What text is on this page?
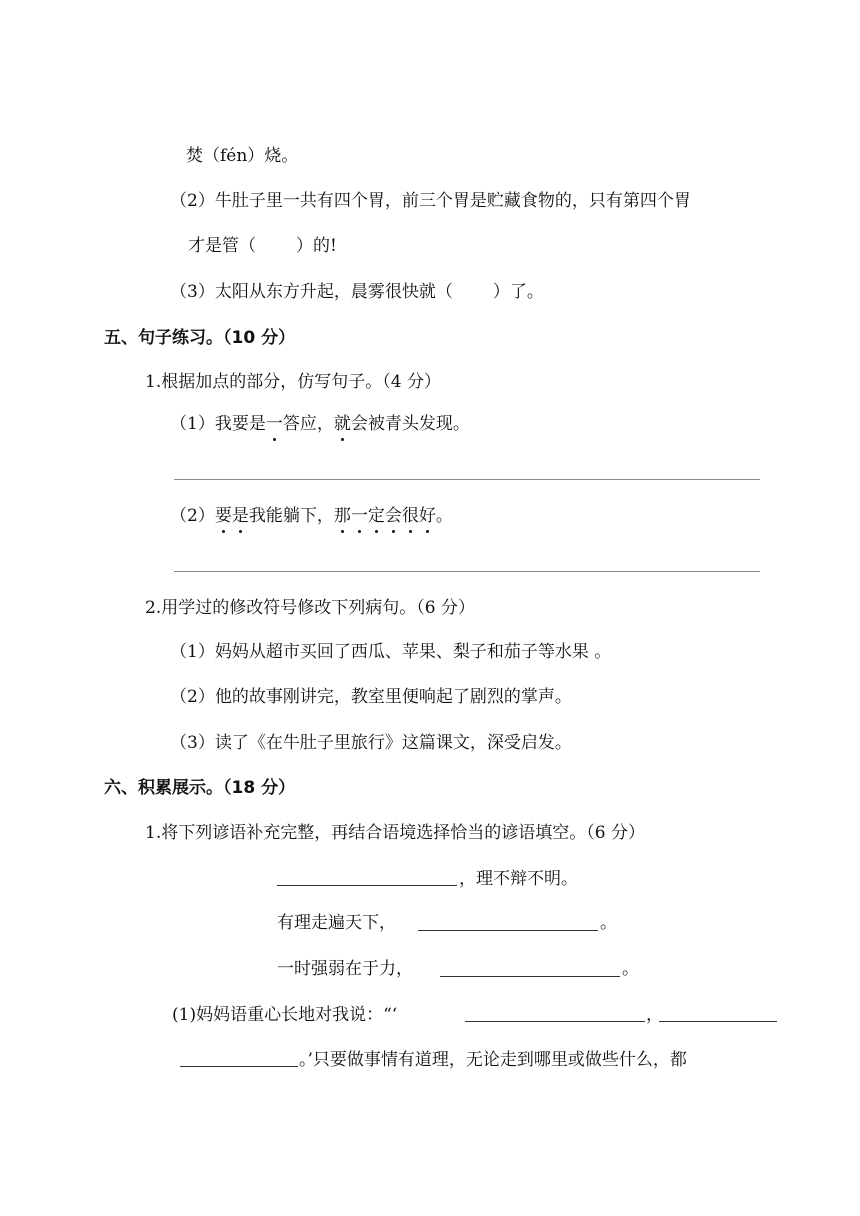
焚（fén）烧。
（2）牛肚子里一共有四个胃，前三个胃是贮藏食物的，只有第四个胃
才是管（ ）的!
（3）太阳从东方升起，晨雾很快就（ ）了。
五、句子练习。（10 分）
1.根据加点的部分，仿写句子。（4 分）
（1）我要是一答应，就会被青头发现。
（2）要是我能躺下，那一定会很好。
2.用学过的修改符号修改下列病句。（6 分）
（1）妈妈从超市买回了西瓜、苹果、梨子和茄子等水果 。
（2）他的故事刚讲完，教室里便响起了剧烈的掌声。
（3）读了《在牛肚子里旅行》这篇课文，深受启发。
六、积累展示。（18 分）
1.将下列谚语补充完整，再结合语境选择恰当的谚语填空。（6 分）
，理不辩不明。
有理走遍天下，	。
一时强弱在于力，	。
(1)妈妈语重心长地对我说：“‘	，
。’只要做事情有道理，无论走到哪里或做些什么，都
